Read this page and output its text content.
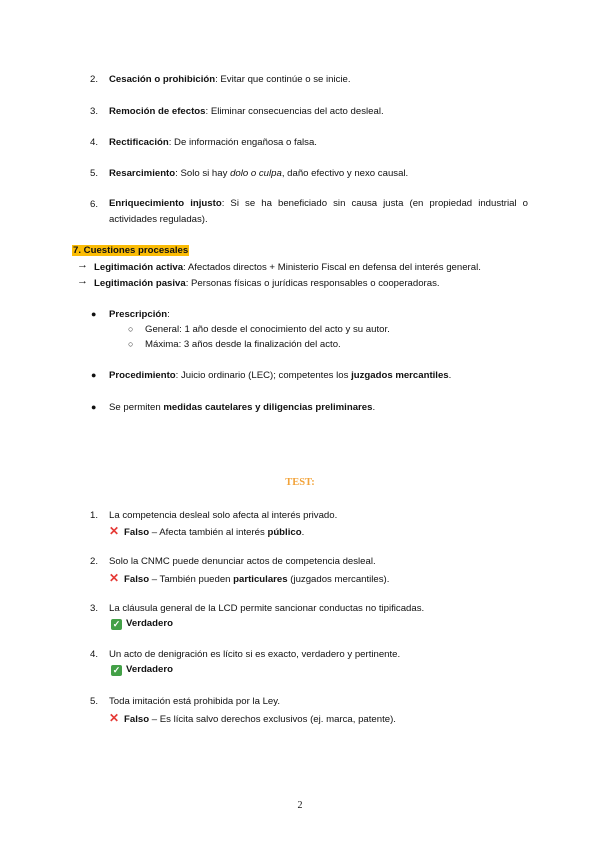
2. Cesación o prohibición: Evitar que continúe o se inicie.
3. Remoción de efectos: Eliminar consecuencias del acto desleal.
4. Rectificación: De información engañosa o falsa.
5. Resarcimiento: Solo si hay dolo o culpa, daño efectivo y nexo causal.
6. Enriquecimiento injusto: Si se ha beneficiado sin causa justa (en propiedad industrial o actividades reguladas).
7. Cuestiones procesales
→ Legitimación activa: Afectados directos + Ministerio Fiscal en defensa del interés general.
→ Legitimación pasiva: Personas físicas o jurídicas responsables o cooperadoras.
● Prescripción:
○ General: 1 año desde el conocimiento del acto y su autor.
○ Máxima: 3 años desde la finalización del acto.
● Procedimiento: Juicio ordinario (LEC); competentes los juzgados mercantiles.
● Se permiten medidas cautelares y diligencias preliminares.
TEST:
1. La competencia desleal solo afecta al interés privado.
✕ Falso – Afecta también al interés público.
2. Solo la CNMC puede denunciar actos de competencia desleal.
✕ Falso – También pueden particulares (juzgados mercantiles).
3. La cláusula general de la LCD permite sancionar conductas no tipificadas.
✓ Verdadero
4. Un acto de denigración es lícito si es exacto, verdadero y pertinente.
✓ Verdadero
5. Toda imitación está prohibida por la Ley.
✕ Falso – Es lícita salvo derechos exclusivos (ej. marca, patente).
2
